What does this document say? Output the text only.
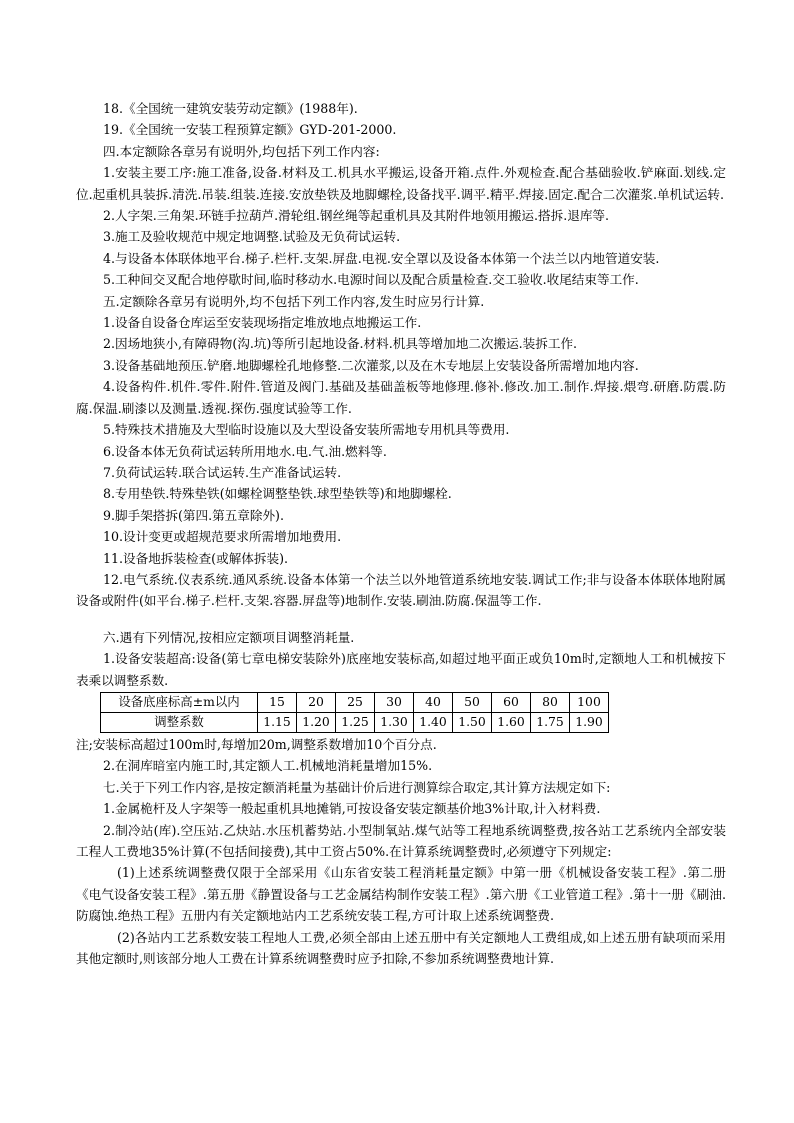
18.《全国统一建筑安装劳动定额》(1988年).
19.《全国统一安装工程预算定额》GYD-201-2000.
四.本定额除各章另有说明外,均包括下列工作内容:
1.安装主要工序:施工准备,设备.材料及工.机具水平搬运,设备开箱.点件.外观检查.配合基础验收.铲麻面.划线.定位.起重机具装拆.清洗.吊装.组装.连接.安放垫铁及地脚螺栓,设备找平.调平.精平.焊接.固定.配合二次灌浆.单机试运转.
2.人字架.三角架.环链手拉葫芦.滑轮组.钢丝绳等起重机具及其附件地领用搬运.搭拆.退库等.
3.施工及验收规范中规定地调整.试验及无负荷试运转.
4.与设备本体联体地平台.梯子.栏杆.支架.屏盘.电视.安全罩以及设备本体第一个法兰以内地管道安装.
5.工种间交叉配合地停歇时间,临时移动水.电源时间以及配合质量检查.交工验收.收尾结束等工作.
五.定额除各章另有说明外,均不包括下列工作内容,发生时应另行计算.
1.设备自设备仓库运至安装现场指定堆放地点地搬运工作.
2.因场地狭小,有障碍物(沟.坑)等所引起地设备.材料.机具等增加地二次搬运.装拆工作.
3.设备基础地预压.铲磨.地脚螺栓孔地修整.二次灌浆,以及在木专地层上安装设备所需增加地内容.
4.设备构件.机件.零件.附件.管道及阀门.基础及基础盖板等地修理.修补.修改.加工.制作.焊接.煨弯.研磨.防震.防腐.保温.刷漆以及测量.透视.探伤.强度试验等工作.
5.特殊技术措施及大型临时设施以及大型设备安装所需地专用机具等费用.
6.设备本体无负荷试运转所用地水.电.气.油.燃料等.
7.负荷试运转.联合试运转.生产准备试运转.
8.专用垫铁.特殊垫铁(如螺栓调整垫铁.球型垫铁等)和地脚螺栓.
9.脚手架搭拆(第四.第五章除外).
10.设计变更或超规范要求所需增加地费用.
11.设备地拆装检查(或解体拆装).
12.电气系统.仪表系统.通风系统.设备本体第一个法兰以外地管道系统地安装.调试工作;非与设备本体联体地附属设备或附件(如平台.梯子.栏杆.支架.容器.屏盘等)地制作.安装.刷油.防腐.保温等工作.
六.遇有下列情况,按相应定额项目调整消耗量.
1.设备安装超高:设备(第七章电梯安装除外)底座地安装标高,如超过地平面正或负10m时,定额地人工和机械按下表乘以调整系数.
设备底座标高±m以内	15	20	25	30	40	50	60	80	100
调整系数	1.15	1.20	1.25	1.30	1.40	1.50	1.60	1.75	1.90
注;安装标高超过100m时,每增加20m,调整系数增加10个百分点.
2.在洞库暗室内施工时,其定额人工.机械地消耗量增加15%.
七.关于下列工作内容,是按定额消耗量为基础计价后进行测算综合取定,其计算方法规定如下:
1.金属桅杆及人字架等一般起重机具地摊销,可按设备安装定额基价地3%计取,计入材料费.
2.制冷站(库).空压站.乙炔站.水压机蓄势站.小型制氧站.煤气站等工程地系统调整费,按各站工艺系统内全部安装工程人工费地35%计算(不包括间接费),其中工资占50%.在计算系统调整费时,必须遵守下列规定:
(1)上述系统调整费仅限于全部采用《山东省安装工程消耗量定额》中第一册《机械设备安装工程》.第二册《电气设备安装工程》.第五册《静置设备与工艺金属结构制作安装工程》.第六册《工业管道工程》.第十一册《刷油.防腐蚀.绝热工程》五册内有关定额地站内工艺系统安装工程,方可计取上述系统调整费.
(2)各站内工艺系数安装工程地人工费,必须全部由上述五册中有关定额地人工费组成,如上述五册有缺项而采用其他定额时,则该部分地人工费在计算系统调整费时应予扣除,不参加系统调整费地计算.
